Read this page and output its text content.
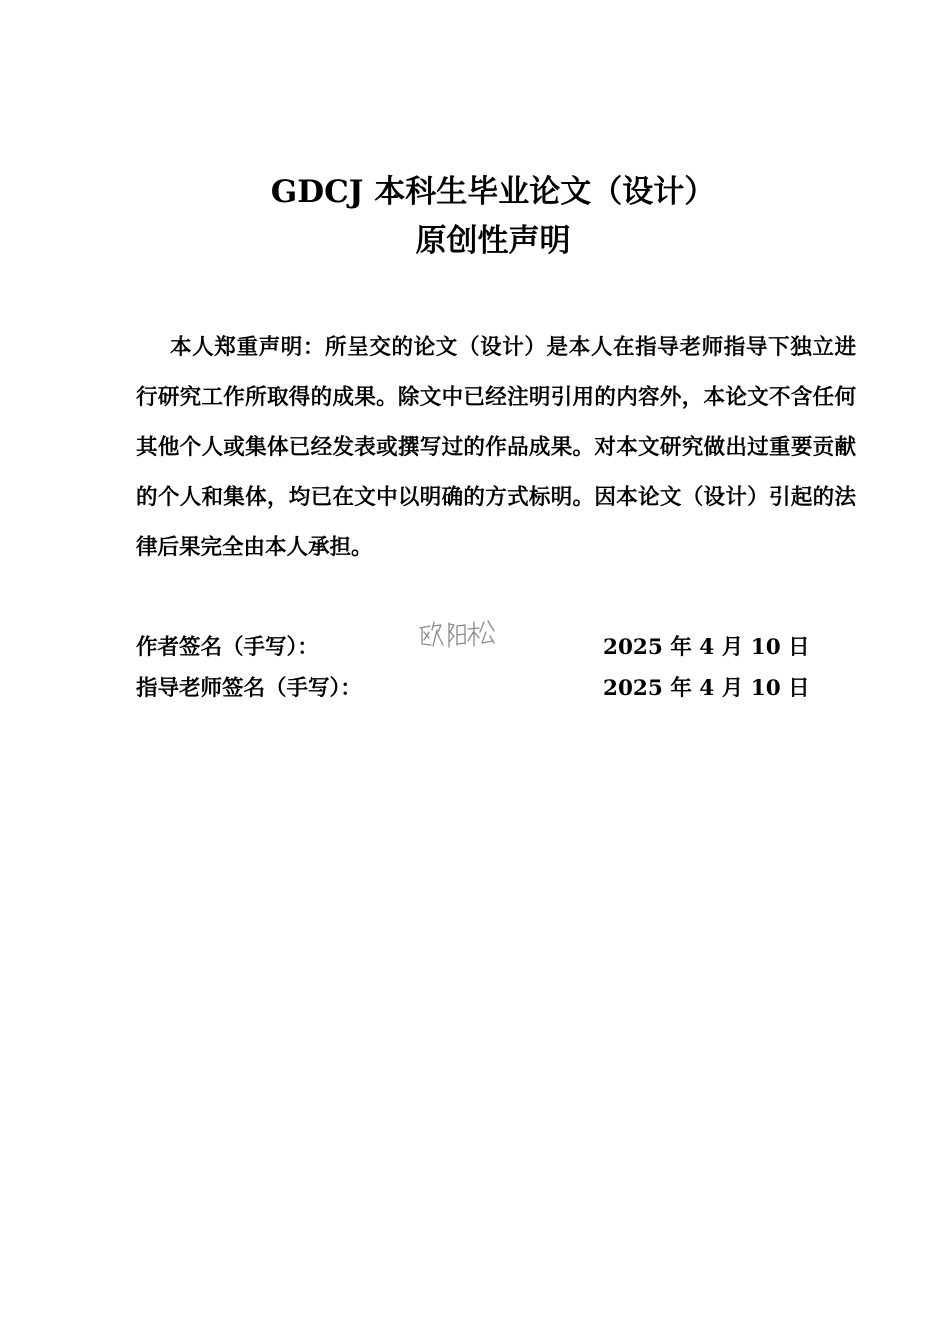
GDCJ 本科生毕业论文（设计）
原创性声明

本人郑重声明：所呈交的论文（设计）是本人在指导老师指导下独立进行研究工作所取得的成果。除文中已经注明引用的内容外，本论文不含任何其他个人或集体已经发表或撰写过的作品成果。对本文研究做出过重要贡献的个人和集体，均已在文中以明确的方式标明。因本论文（设计）引起的法律后果完全由本人承担。

作者签名（手写）：	2025 年 4 月 10 日
指导老师签名（手写）：	2025 年 4 月 10 日
